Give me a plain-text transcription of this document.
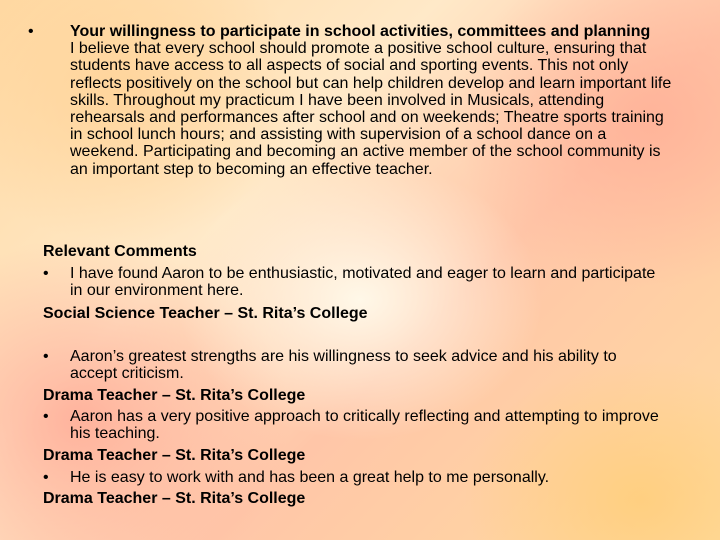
• Your willingness to participate in school activities, committees and planning
I believe that every school should promote a positive school culture, ensuring that students have access to all aspects of social and sporting events. This not only reflects positively on the school but can help children develop and learn important life skills. Throughout my practicum I have been involved in Musicals, attending rehearsals and performances after school and on weekends; Theatre sports training in school lunch hours; and assisting with supervision of a school dance on a weekend. Participating and becoming an active member of the school community is an important step to becoming an effective teacher.
Relevant Comments
• I have found Aaron to be enthusiastic, motivated and eager to learn and participate in our environment here.
Social Science Teacher – St. Rita’s College
• Aaron’s greatest strengths are his willingness to seek advice and his ability to accept criticism.
Drama Teacher – St. Rita’s College
• Aaron has a very positive approach to critically reflecting and attempting to improve his teaching.
Drama Teacher – St. Rita’s College
• He is easy to work with and has been a great help to me personally.
Drama Teacher – St. Rita’s College
